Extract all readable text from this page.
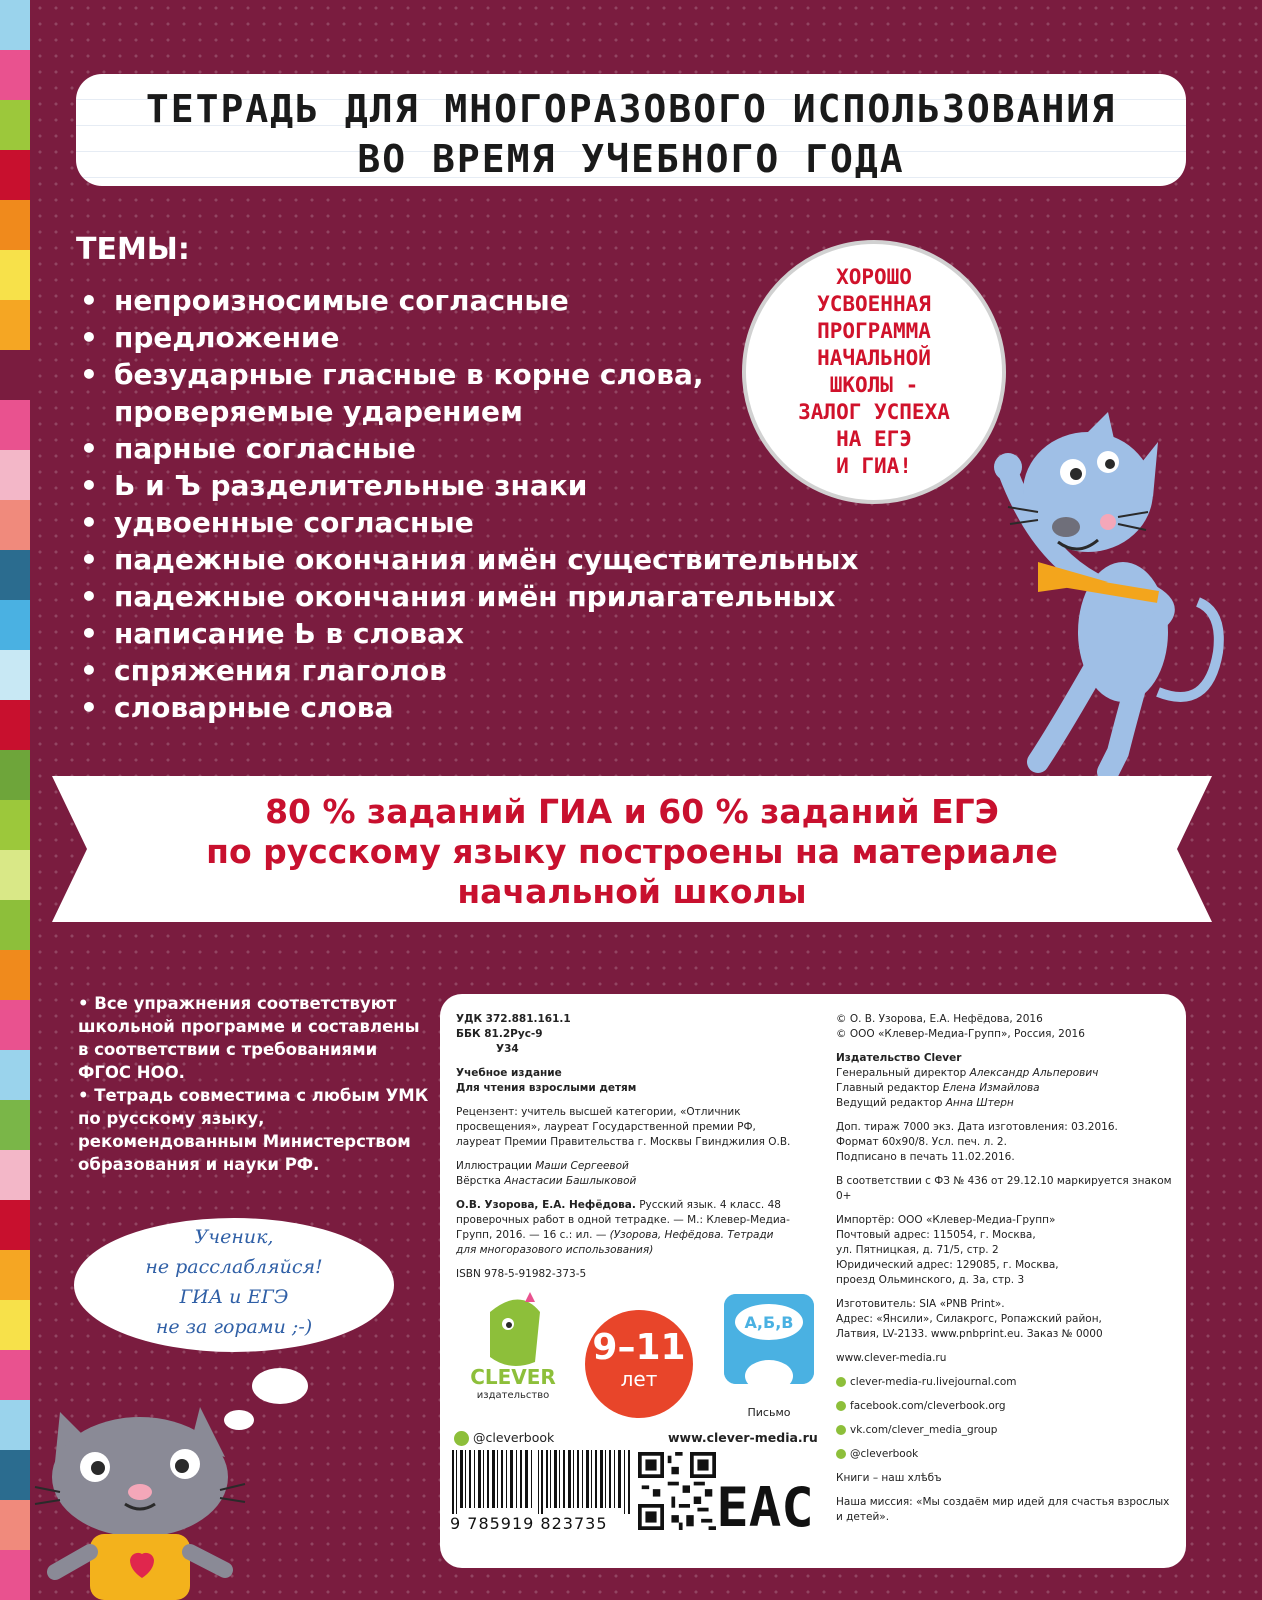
ТЕТРАДЬ ДЛЯ МНОГОРАЗОВОГО ИСПОЛЬЗОВАНИЯ
ВО ВРЕМЯ УЧЕБНОГО ГОДА
ТЕМЫ:
• непроизносимые согласные
• предложение
• безударные гласные в корне слова,
проверяемые ударением
• парные согласные
• Ь и Ъ разделительные знаки
• удвоенные согласные
• падежные окончания имён существительных
• падежные окончания имён прилагательных
• написание Ь в словах
• спряжения глаголов
• словарные слова
ХОРОШО
УСВОЕННАЯ
ПРОГРАММА
НАЧАЛЬНОЙ
ШКОЛЫ -
ЗАЛОГ УСПЕХА
НА ЕГЭ
И ГИА!
80 % заданий ГИА и 60 % заданий ЕГЭ
по русскому языку построены на материале
начальной школы

• Все упражнения соответствуют школьной программе и составлены в соответствии с требованиями ФГОС НОО.

• Тетрадь совместима с любым УМК по русскому языку, рекомендованным Министерством образования и науки РФ.

Ученик,
не расслабляйся!
ГИА и ЕГЭ
не за горами ;-)

УДК 372.881.161.1

ББК 81.2Рус-9

У34

Учебное издание

Для чтения взрослыми детям

Рецензент: учитель высшей категории, «Отличник просвещения», лауреат Государственной премии РФ, лауреат Премии Правительства г. Москвы Гвинджилия О.В.

Иллюстрации Маши Сергеевой

Вёрстка Анастасии Башлыковой

О.В. Узорова, Е.А. Нефёдова. Русский язык. 4 класс. 48 проверочных работ в одной тетрадке. — М.: Клевер-Медиа-Групп, 2016. — 16 с.: ил. — (Узорова, Нефёдова. Тетради для многоразового использования)

ISBN 978-5-91982-373-5

© О. В. Узорова, Е.А. Нефёдова, 2016

© ООО «Клевер-Медиа-Групп», Россия, 2016

Издательство Clever

Генеральный директор Александр Альперович

Главный редактор Елена Измайлова

Ведущий редактор Анна Штерн

Доп. тираж 7000 экз. Дата изготовления: 03.2016.

Формат 60x90/8. Усл. печ. л. 2.

Подписано в печать 11.02.2016.

В соответствии с ФЗ № 436 от 29.12.10 маркируется знаком 0+

Импортёр: ООО «Клевер-Медиа-Групп»

Почтовый адрес: 115054, г. Москва,

ул. Пятницкая, д. 71/5, стр. 2

Юридический адрес: 129085, г. Москва,

проезд Ольминского, д. 3а, стр. 3

Изготовитель: SIA «PNB Print».

Адрес: «Янсили», Силакрогс, Ропажский район,

Латвия, LV-2133. www.pnbprint.eu. Заказ № 0000

www.clever-media.ru

clever-media-ru.livejournal.com

facebook.com/cleverbook.org

vk.com/clever_media_group

@cleverbook

Книги – наш хлѣбъ

Наша миссия: «Мы создаём мир идей для счастья взрослых и детей».

CLEVER
издательство
9–11
лет
А,Б,В
Письмо
@cleverbook	www.clever-media.ru
9 785919 823735	EAC
